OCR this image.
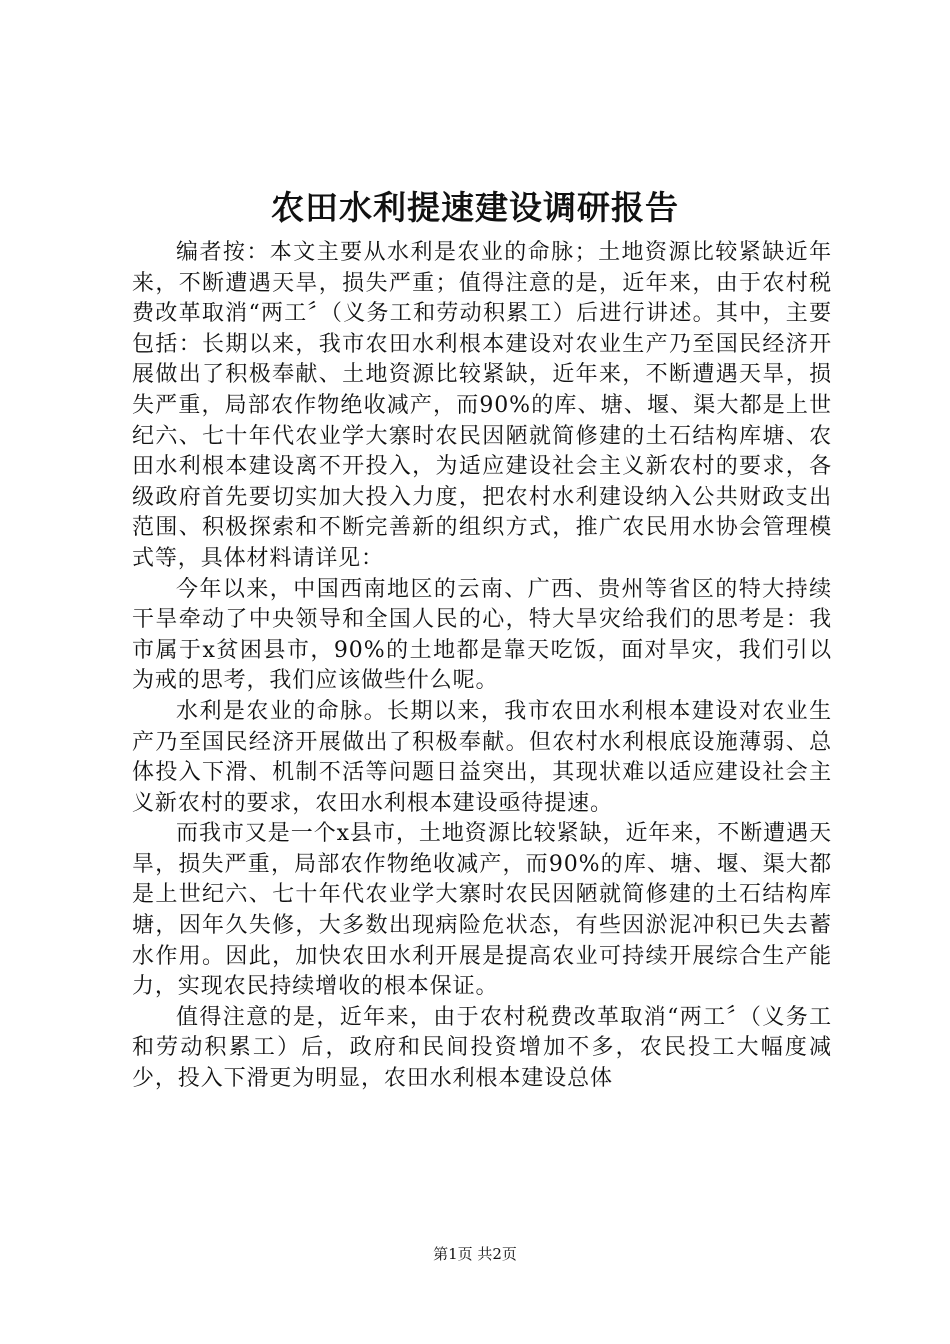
农田水利提速建设调研报告

编者按：本文主要从水利是农业的命脉；土地资源比较紧缺近年来，不断遭遇天旱，损失严重；值得注意的是，近年来，由于农村税费改革取消“两工〞（义务工和劳动积累工）后进行讲述。其中，主要包括：长期以来，我市农田水利根本建设对农业生产乃至国民经济开展做出了积极奉献、土地资源比较紧缺，近年来，不断遭遇天旱，损失严重，局部农作物绝收减产，而90%的库、塘、堰、渠大都是上世纪六、七十年代农业学大寨时农民因陋就简修建的土石结构库塘、农田水利根本建设离不开投入，为适应建设社会主义新农村的要求，各级政府首先要切实加大投入力度，把农村水利建设纳入公共财政支出范围、积极探索和不断完善新的组织方式，推广农民用水协会管理模式等，具体材料请详见：

今年以来，中国西南地区的云南、广西、贵州等省区的特大持续干旱牵动了中央领导和全国人民的心，特大旱灾给我们的思考是：我市属于x贫困县市，90%的土地都是靠天吃饭，面对旱灾，我们引以为戒的思考，我们应该做些什么呢。

水利是农业的命脉。长期以来，我市农田水利根本建设对农业生产乃至国民经济开展做出了积极奉献。但农村水利根底设施薄弱、总体投入下滑、机制不活等问题日益突出，其现状难以适应建设社会主义新农村的要求，农田水利根本建设亟待提速。

而我市又是一个x县市，土地资源比较紧缺，近年来，不断遭遇天旱，损失严重，局部农作物绝收减产，而90%的库、塘、堰、渠大都是上世纪六、七十年代农业学大寨时农民因陋就简修建的土石结构库塘，因年久失修，大多数出现病险危状态，有些因淤泥冲积已失去蓄水作用。因此，加快农田水利开展是提高农业可持续开展综合生产能力，实现农民持续增收的根本保证。

值得注意的是，近年来，由于农村税费改革取消“两工〞（义务工和劳动积累工）后，政府和民间投资增加不多，农民投工大幅度减少，投入下滑更为明显，农田水利根本建设总体

第1页 共2页
